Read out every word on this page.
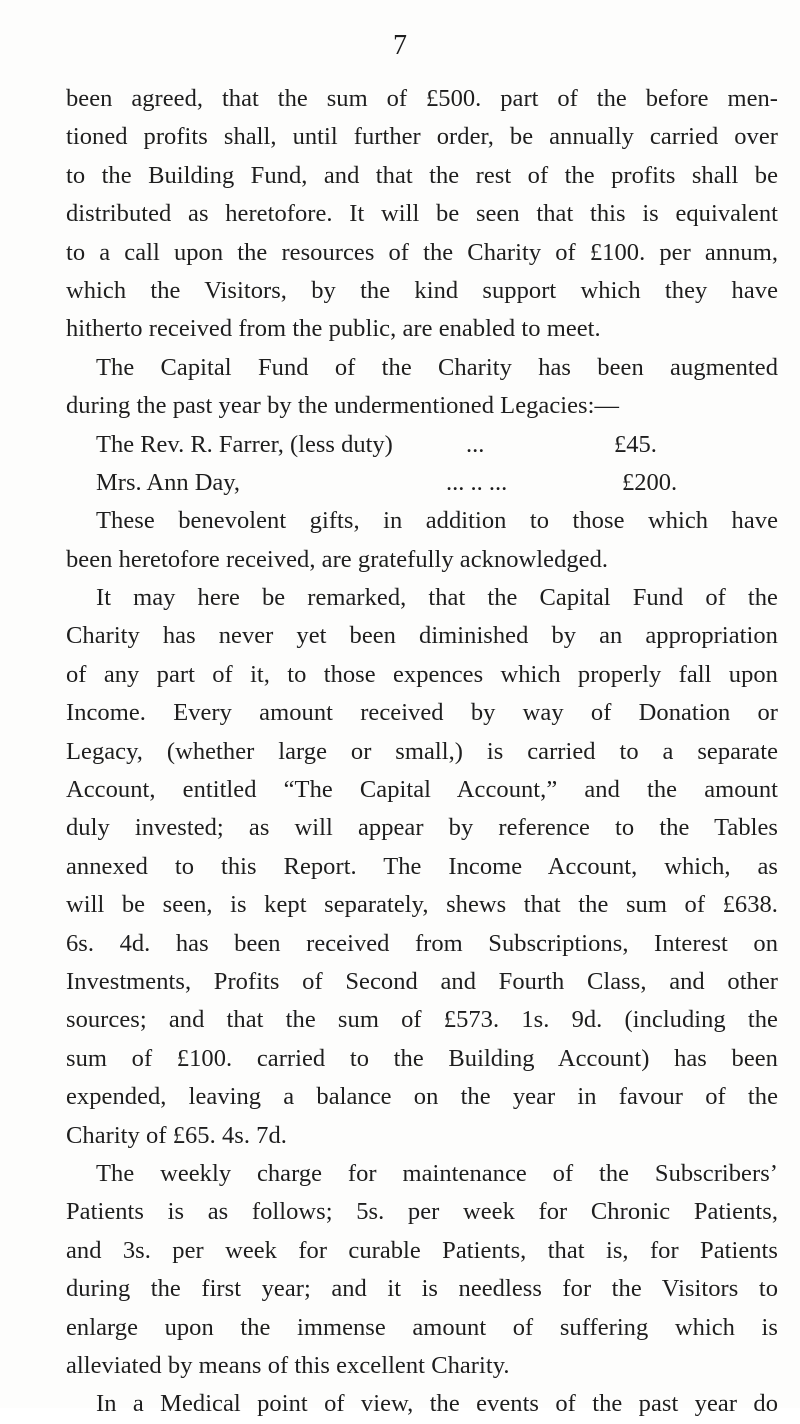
7
been agreed, that the sum of £500. part of the before men-
tioned profits shall, until further order, be annually carried over
to the Building Fund, and that the rest of the profits shall be
distributed as heretofore. It will be seen that this is equivalent
to a call upon the resources of the Charity of £100. per annum,
which the Visitors, by the kind support which they have
hitherto received from the public, are enabled to meet.
The Capital Fund of the Charity has been augmented
during the past year by the undermentioned Legacies:—
The Rev. R. Farrer, (less duty)	...	£45.
Mrs. Ann Day,	... .. ...	£200.
These benevolent gifts, in addition to those which have
been heretofore received, are gratefully acknowledged.
It may here be remarked, that the Capital Fund of the
Charity has never yet been diminished by an appropriation
of any part of it, to those expences which properly fall upon
Income. Every amount received by way of Donation or
Legacy, (whether large or small,) is carried to a separate
Account, entitled “The Capital Account,” and the amount
duly invested; as will appear by reference to the Tables
annexed to this Report. The Income Account, which, as
will be seen, is kept separately, shews that the sum of £638.
6s. 4d. has been received from Subscriptions, Interest on
Investments, Profits of Second and Fourth Class, and other
sources; and that the sum of £573. 1s. 9d. (including the
sum of £100. carried to the Building Account) has been
expended, leaving a balance on the year in favour of the
Charity of £65. 4s. 7d.
The weekly charge for maintenance of the Subscribers’
Patients is as follows; 5s. per week for Chronic Patients,
and 3s. per week for curable Patients, that is, for Patients
during the first year; and it is needless for the Visitors to
enlarge upon the immense amount of suffering which is
alleviated by means of this excellent Charity.
In a Medical point of view, the events of the past year do
